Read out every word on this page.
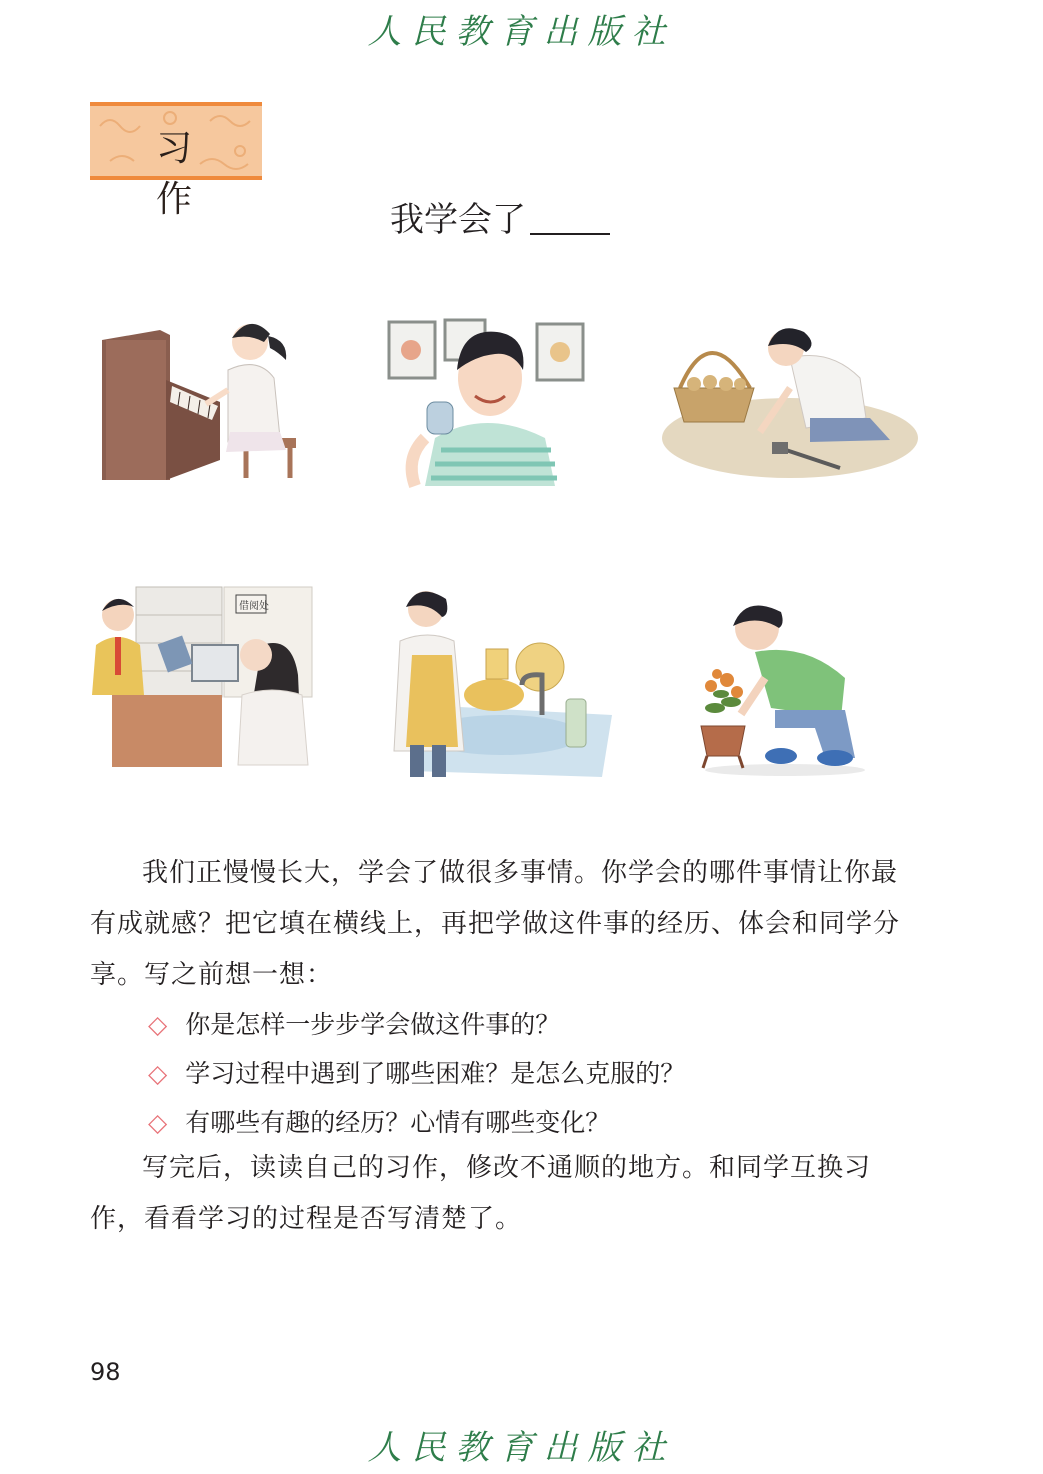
人民教育出版社
习 作	我学会了
借阅处

我们正慢慢长大，学会了做很多事情。你学会的哪件事情让你最有成就感？把它填在横线上，再把学做这件事的经历、体会和同学分享。写之前想一想：

◇ 你是怎样一步步学会做这件事的？
◇ 学习过程中遇到了哪些困难？是怎么克服的？
◇ 有哪些有趣的经历？心情有哪些变化？

写完后，读读自己的习作，修改不通顺的地方。和同学互换习作，看看学习的过程是否写清楚了。

98
人民教育出版社
